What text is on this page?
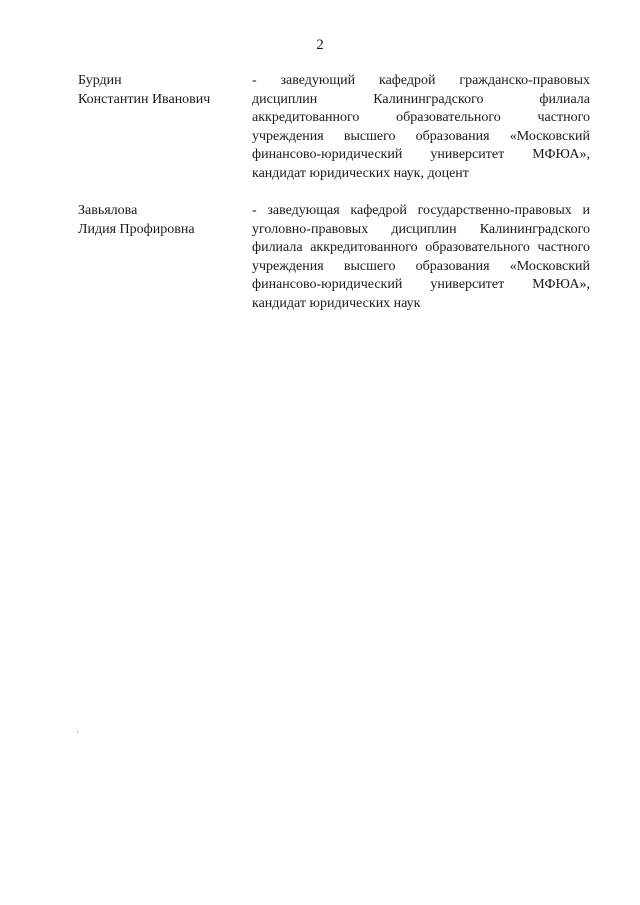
2
Бурдин
Константин Иванович
- заведующий кафедрой гражданско-правовых дисциплин Калининградского филиала аккредитованного образовательного частного учреждения высшего образования «Московский финансово-юридический университет МФЮА», кандидат юридических наук, доцент
Завьялова
Лидия Профировна
- заведующая кафедрой государственно-правовых и уголовно-правовых дисциплин Калининградского филиала аккредитованного образовательного частного учреждения высшего образования «Московский финансово-юридический университет МФЮА», кандидат юридических наук
